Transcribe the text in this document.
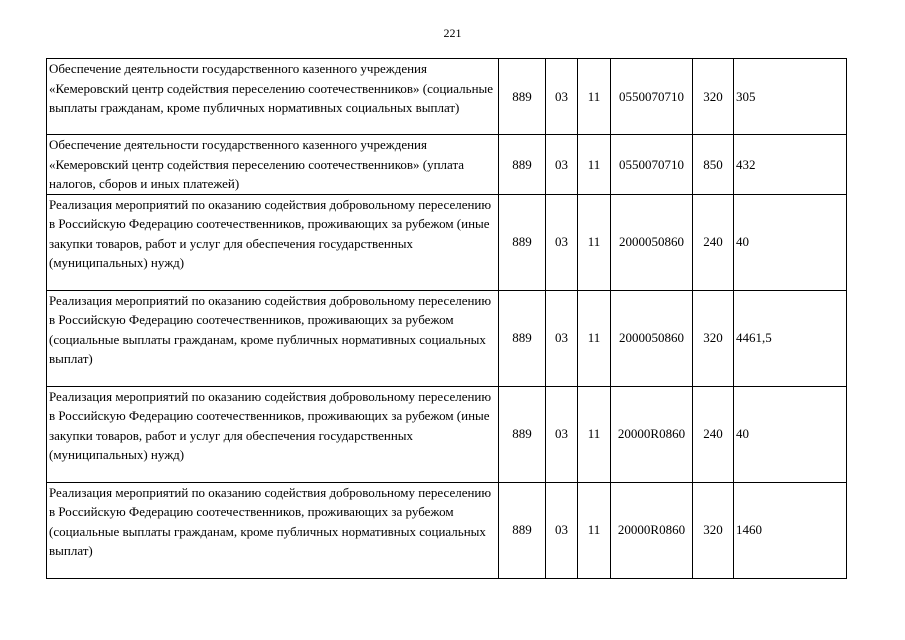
221
Обеспечение деятельности государственного казенного учреждения «Кемеровский центр содействия переселению соотечественников» (социальные выплаты гражданам, кроме публичных нормативных социальных выплат)	889	03	11	0550070710	320	305
Обеспечение деятельности государственного казенного учреждения «Кемеровский центр содействия переселению соотечественников» (уплата налогов, сборов и иных платежей)	889	03	11	0550070710	850	432
Реализация мероприятий по оказанию содействия добровольному переселению в Российскую Федерацию соотечественников, проживающих за рубежом (иные закупки товаров, работ и услуг для обеспечения государственных (муниципальных) нужд)	889	03	11	2000050860	240	40
Реализация мероприятий по оказанию содействия добровольному переселению в Российскую Федерацию соотечественников, проживающих за рубежом (социальные выплаты гражданам, кроме публичных нормативных социальных выплат)	889	03	11	2000050860	320	4461,5
Реализация мероприятий по оказанию содействия добровольному переселению в Российскую Федерацию соотечественников, проживающих за рубежом (иные закупки товаров, работ и услуг для обеспечения государственных (муниципальных) нужд)	889	03	11	20000R0860	240	40
Реализация мероприятий по оказанию содействия добровольному переселению в Российскую Федерацию соотечественников, проживающих за рубежом (социальные выплаты гражданам, кроме публичных нормативных социальных выплат)	889	03	11	20000R0860	320	1460
